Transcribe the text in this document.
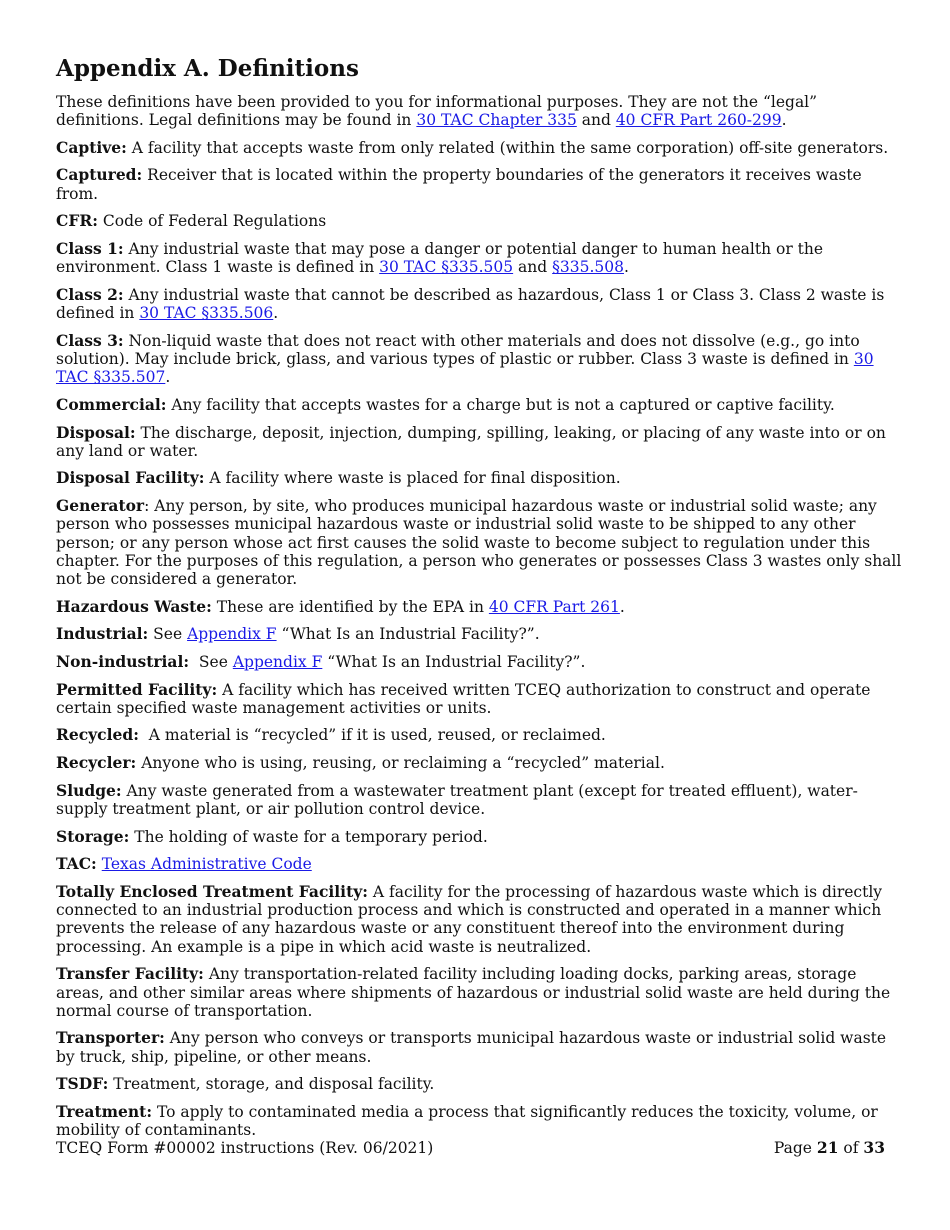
Appendix A. Definitions

These definitions have been provided to you for informational purposes. They are not the “legal” definitions. Legal definitions may be found in 30 TAC Chapter 335 and 40 CFR Part 260-299.

Captive: A facility that accepts waste from only related (within the same corporation) off-site generators.

Captured: Receiver that is located within the property boundaries of the generators it receives waste from.

CFR: Code of Federal Regulations

Class 1: Any industrial waste that may pose a danger or potential danger to human health or the environment. Class 1 waste is defined in 30 TAC §335.505 and §335.508.

Class 2: Any industrial waste that cannot be described as hazardous, Class 1 or Class 3. Class 2 waste is defined in 30 TAC §335.506.

Class 3: Non-liquid waste that does not react with other materials and does not dissolve (e.g., go into solution). May include brick, glass, and various types of plastic or rubber. Class 3 waste is defined in 30 TAC §335.507.

Commercial: Any facility that accepts wastes for a charge but is not a captured or captive facility.

Disposal: The discharge, deposit, injection, dumping, spilling, leaking, or placing of any waste into or on any land or water.

Disposal Facility: A facility where waste is placed for final disposition.

Generator: Any person, by site, who produces municipal hazardous waste or industrial solid waste; any person who possesses municipal hazardous waste or industrial solid waste to be shipped to any other person; or any person whose act first causes the solid waste to become subject to regulation under this chapter. For the purposes of this regulation, a person who generates or possesses Class 3 wastes only shall not be considered a generator.

Hazardous Waste: These are identified by the EPA in 40 CFR Part 261.

Industrial: See Appendix F “What Is an Industrial Facility?”.

Non-industrial:  See Appendix F “What Is an Industrial Facility?”.

Permitted Facility: A facility which has received written TCEQ authorization to construct and operate certain specified waste management activities or units.

Recycled:  A material is “recycled” if it is used, reused, or reclaimed.

Recycler: Anyone who is using, reusing, or reclaiming a “recycled” material.

Sludge: Any waste generated from a wastewater treatment plant (except for treated effluent), water-supply treatment plant, or air pollution control device.

Storage: The holding of waste for a temporary period.

TAC: Texas Administrative Code

Totally Enclosed Treatment Facility: A facility for the processing of hazardous waste which is directly connected to an industrial production process and which is constructed and operated in a manner which prevents the release of any hazardous waste or any constituent thereof into the environment during processing. An example is a pipe in which acid waste is neutralized.

Transfer Facility: Any transportation-related facility including loading docks, parking areas, storage areas, and other similar areas where shipments of hazardous or industrial solid waste are held during the normal course of transportation.

Transporter: Any person who conveys or transports municipal hazardous waste or industrial solid waste by truck, ship, pipeline, or other means.

TSDF: Treatment, storage, and disposal facility.

Treatment: To apply to contaminated media a process that significantly reduces the toxicity, volume, or mobility of contaminants.

TCEQ Form #00002 instructions (Rev. 06/2021)	Page 21 of 33
